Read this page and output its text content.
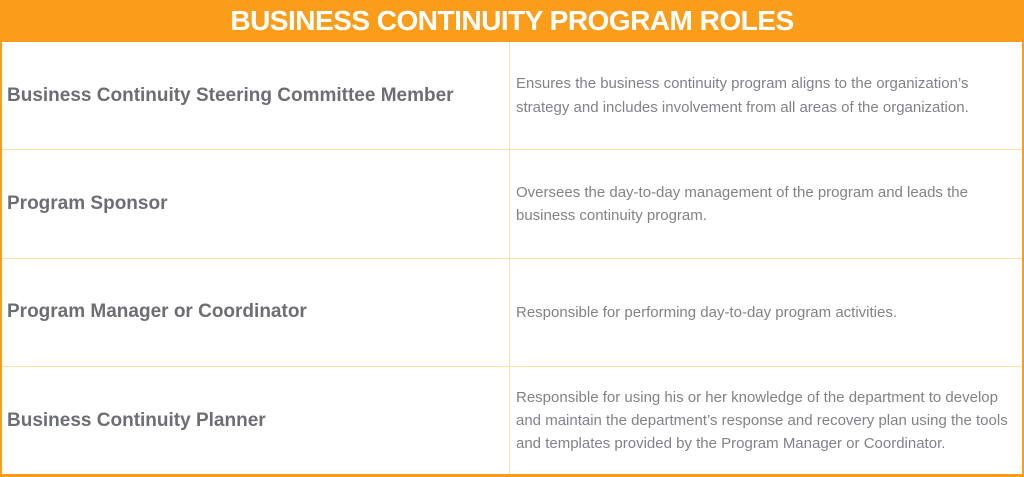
BUSINESS CONTINUITY PROGRAM ROLES
Business Continuity Steering Committee Member
Ensures the business continuity program aligns to the organization’s strategy and includes involvement from all areas of the organization.
Program Sponsor
Oversees the day-to-day management of the program and leads the business continuity program.
Program Manager or Coordinator	Responsible for performing day-to-day program activities.
Business Continuity Planner
Responsible for using his or her knowledge of the department to develop and maintain the department’s response and recovery plan using the tools and templates provided by the Program Manager or Coordinator.
